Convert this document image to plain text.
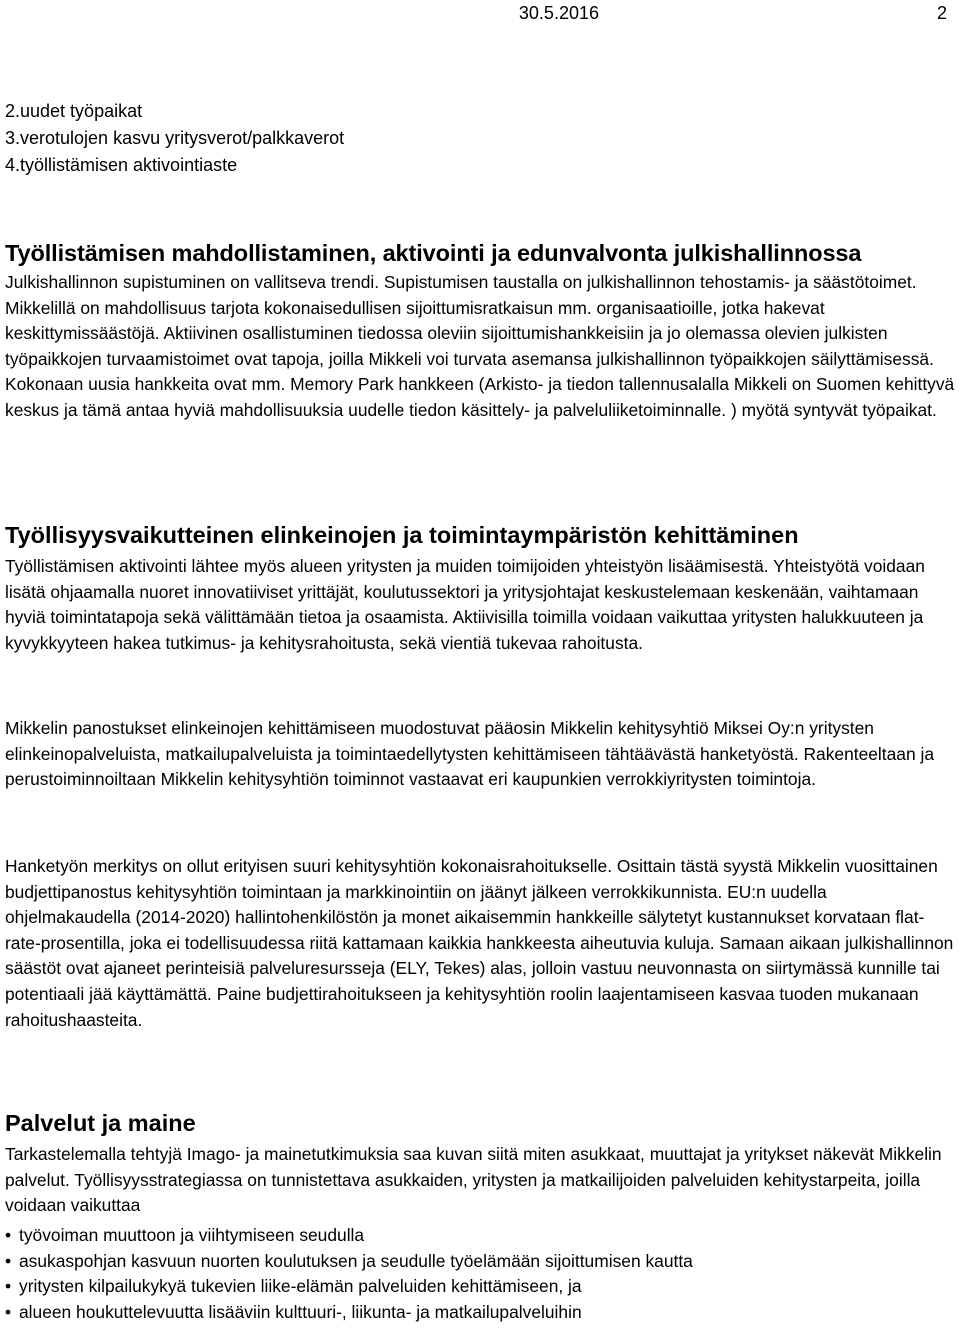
30.5.2016	2
2.uudet työpaikat
3.verotulojen kasvu yritysverot/palkkaverot
4.työllistämisen aktivointiaste
Työllistämisen mahdollistaminen, aktivointi ja edunvalvonta julkishallinnossa

Julkishallinnon supistuminen on vallitseva trendi. Supistumisen taustalla on julkishallinnon tehostamis- ja säästötoimet. Mikkelillä on mahdollisuus tarjota kokonaisedullisen sijoittumisratkaisun mm. organisaatioille, jotka hakevat keskittymissäästöjä. Aktiivinen osallistuminen tiedossa oleviin sijoittumishankkeisiin ja jo olemassa olevien julkisten työpaikkojen turvaamistoimet ovat tapoja, joilla Mikkeli voi turvata asemansa julkishallinnon työpaikkojen säilyttämisessä. Kokonaan uusia hankkeita ovat mm. Memory Park hankkeen (Arkisto- ja tiedon tallennusalalla Mikkeli on Suomen kehittyvä keskus ja tämä antaa hyviä mahdollisuuksia uudelle tiedon käsittely- ja palveluliiketoiminnalle. ) myötä syntyvät työpaikat.

Työllisyysvaikutteinen elinkeinojen ja toimintaympäristön kehittäminen

Työllistämisen aktivointi lähtee myös alueen yritysten ja muiden toimijoiden yhteistyön lisäämisestä. Yhteistyötä voidaan lisätä ohjaamalla nuoret innovatiiviset yrittäjät, koulutussektori ja yritysjohtajat keskustelemaan keskenään, vaihtamaan hyviä toimintatapoja sekä välittämään tietoa ja osaamista. Aktiivisilla toimilla voidaan vaikuttaa yritysten halukkuuteen ja kyvykkyyteen hakea tutkimus- ja kehitysrahoitusta, sekä vientiä tukevaa rahoitusta.

Mikkelin panostukset elinkeinojen kehittämiseen muodostuvat pääosin Mikkelin kehitysyhtiö Miksei Oy:n yritysten elinkeinopalveluista, matkailupalveluista ja toimintaedellytysten kehittämiseen tähtäävästä hanketyöstä. Rakenteeltaan ja perustoiminnoiltaan Mikkelin kehitysyhtiön toiminnot vastaavat eri kaupunkien verrokkiyritysten toimintoja.

Hanketyön merkitys on ollut erityisen suuri kehitysyhtiön kokonaisrahoitukselle. Osittain tästä syystä Mikkelin vuosittainen budjettipanostus kehitysyhtiön toimintaan ja markkinointiin on jäänyt jälkeen verrokkikunnista. EU:n uudella ohjelmakaudella (2014-2020) hallintohenkilöstön ja monet aikaisemmin hankkeille sälytetyt kustannukset korvataan flat-rate-prosentilla, joka ei todellisuudessa riitä kattamaan kaikkia hankkeesta aiheutuvia kuluja. Samaan aikaan julkishallinnon säästöt ovat ajaneet perinteisiä palveluresursseja (ELY, Tekes) alas, jolloin vastuu neuvonnasta on siirtymässä kunnille tai potentiaali jää käyttämättä. Paine budjettirahoitukseen ja kehitysyhtiön roolin laajentamiseen kasvaa tuoden mukanaan rahoitushaasteita.

Palvelut ja maine

Tarkastelemalla tehtyjä Imago- ja mainetutkimuksia saa kuvan siitä miten asukkaat, muuttajat ja yritykset näkevät Mikkelin palvelut. Työllisyysstrategiassa on tunnistettava asukkaiden, yritysten ja matkailijoiden palveluiden kehitystarpeita, joilla voidaan vaikuttaa

• työvoiman muuttoon ja viihtymiseen seudulla
• asukaspohjan kasvuun nuorten koulutuksen ja seudulle työelämään sijoittumisen kautta
• yritysten kilpailukykyä tukevien liike-elämän palveluiden kehittämiseen, ja
• alueen houkuttelevuutta lisääviin kulttuuri-, liikunta- ja matkailupalveluihin
